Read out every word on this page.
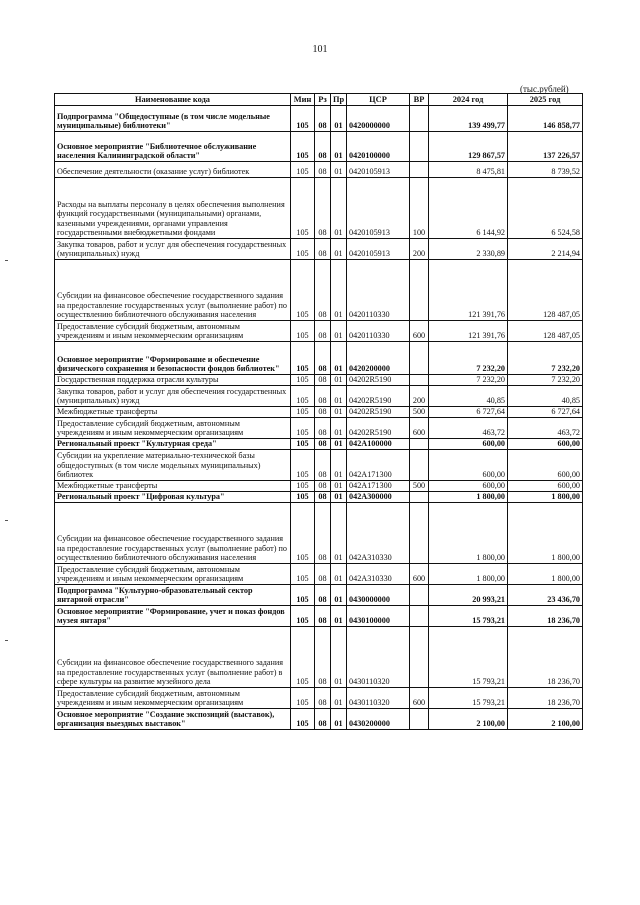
101
(тыс.рублей)
Наименование кода	Мин	Рз	Пр	ЦСР	ВР	2024 год	2025 год
Подпрограмма "Общедоступные (в том числе модельные муниципальные) библиотеки"	105	08	01	0420000000		139 499,77	146 858,77
Основное мероприятие "Библиотечное обслуживание населения Калининградской области"	105	08	01	0420100000		129 867,57	137 226,57
Обеспечение деятельности (оказание услуг) библиотек	105	08	01	0420105913		8 475,81	8 739,52
Расходы на выплаты персоналу в целях обеспечения выполнения функций государственными (муниципальными) органами, казенными учреждениями, органами управления государственными внебюджетными фондами	105	08	01	0420105913	100	6 144,92	6 524,58
Закупка товаров, работ и услуг для обеспечения государственных (муниципальных) нужд	105	08	01	0420105913	200	2 330,89	2 214,94
Субсидии на финансовое обеспечение государственного задания на предоставление государственных услуг (выполнение работ) по осуществлению библиотечного обслуживания населения	105	08	01	0420110330		121 391,76	128 487,05
Предоставление субсидий бюджетным, автономным учреждениям и иным некоммерческим организациям	105	08	01	0420110330	600	121 391,76	128 487,05
Основное мероприятие "Формирование и обеспечение физического сохранения и безопасности фондов библиотек"	105	08	01	0420200000		7 232,20	7 232,20
Государственная поддержка отрасли культуры	105	08	01	04202R5190		7 232,20	7 232,20
Закупка товаров, работ и услуг для обеспечения государственных (муниципальных) нужд	105	08	01	04202R5190	200	40,85	40,85
Межбюджетные трансферты	105	08	01	04202R5190	500	6 727,64	6 727,64
Предоставление субсидий бюджетным, автономным учреждениям и иным некоммерческим организациям	105	08	01	04202R5190	600	463,72	463,72
Региональный проект "Культурная среда"	105	08	01	042A100000		600,00	600,00
Субсидии на укрепление материально-технической базы общедоступных (в том числе модельных муниципальных) библиотек	105	08	01	042A171300		600,00	600,00
Межбюджетные трансферты	105	08	01	042A171300	500	600,00	600,00
Региональный проект "Цифровая культура"	105	08	01	042A300000		1 800,00	1 800,00
Субсидии на финансовое обеспечение государственного задания на предоставление государственных услуг (выполнение работ) по осуществлению библиотечного обслуживания населения	105	08	01	042A310330		1 800,00	1 800,00
Предоставление субсидий бюджетным, автономным учреждениям и иным некоммерческим организациям	105	08	01	042A310330	600	1 800,00	1 800,00
Подпрограмма "Культурно-образовательный сектор янтарной отрасли"	105	08	01	0430000000		20 993,21	23 436,70
Основное мероприятие "Формирование, учет и показ фондов музея янтаря"	105	08	01	0430100000		15 793,21	18 236,70
Субсидии на финансовое обеспечение государственного задания на предоставление государственных услуг (выполнение работ) в сфере культуры на развитие музейного дела	105	08	01	0430110320		15 793,21	18 236,70
Предоставление субсидий бюджетным, автономным учреждениям и иным некоммерческим организациям	105	08	01	0430110320	600	15 793,21	18 236,70
Основное мероприятие "Создание экспозиций (выставок), организация выездных выставок"	105	08	01	0430200000		2 100,00	2 100,00
